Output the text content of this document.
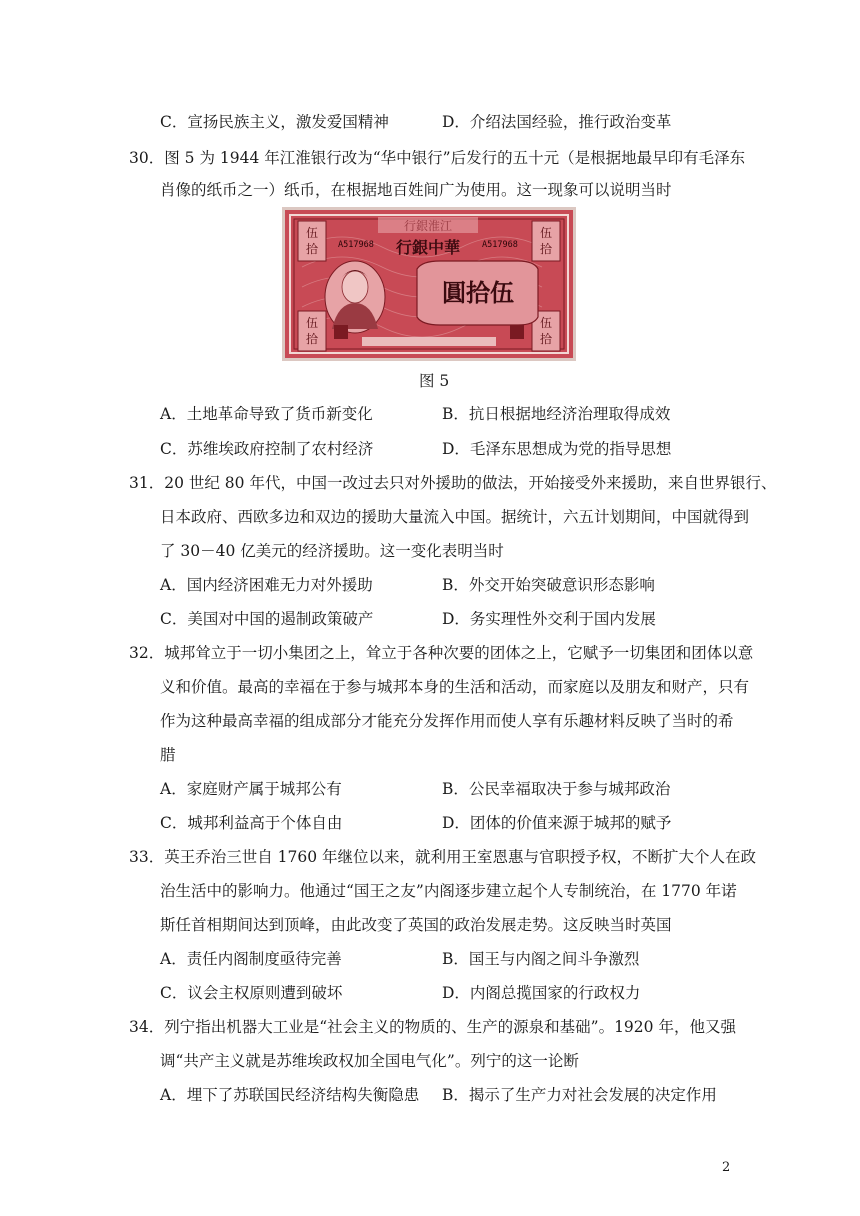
C．宣扬民族主义，激发爱国精神	D．介绍法国经验，推行政治变革
30．图 5 为 1944 年江淮银行改为“华中银行”后发行的五十元（是根据地最早印有毛泽东
肖像的纸币之一）纸币，在根据地百姓间广为使用。这一现象可以说明当时
伍
拾
伍
拾
伍
拾
伍
拾
行銀淮江
行銀中華
A517968	A517968
圓拾伍
图 5
A．土地革命导致了货币新变化	B．抗日根据地经济治理取得成效
C．苏维埃政府控制了农村经济	D．毛泽东思想成为党的指导思想
31．20 世纪 80 年代，中国一改过去只对外援助的做法，开始接受外来援助，来自世界银行、
日本政府、西欧多边和双边的援助大量流入中国。据统计，六五计划期间，中国就得到
了 30－40 亿美元的经济援助。这一变化表明当时
A．国内经济困难无力对外援助	B．外交开始突破意识形态影响
C．美国对中国的遏制政策破产	D．务实理性外交利于国内发展
32．城邦耸立于一切小集团之上，耸立于各种次要的团体之上，它赋予一切集团和团体以意
义和价值。最高的幸福在于参与城邦本身的生活和活动，而家庭以及朋友和财产，只有
作为这种最高幸福的组成部分才能充分发挥作用而使人享有乐趣材料反映了当时的希
腊
A．家庭财产属于城邦公有	B．公民幸福取决于参与城邦政治
C．城邦利益高于个体自由	D．团体的价值来源于城邦的赋予
33．英王乔治三世自 1760 年继位以来，就利用王室恩惠与官职授予权，不断扩大个人在政
治生活中的影响力。他通过“国王之友”内阁逐步建立起个人专制统治，在 1770 年诺
斯任首相期间达到顶峰，由此改变了英国的政治发展走势。这反映当时英国
A．责任内阁制度亟待完善	B．国王与内阁之间斗争激烈
C．议会主权原则遭到破坏	D．内阁总揽国家的行政权力
34．列宁指出机器大工业是“社会主义的物质的、生产的源泉和基础”。1920 年，他又强
调“共产主义就是苏维埃政权加全国电气化”。列宁的这一论断
A．埋下了苏联国民经济结构失衡隐患 B．揭示了生产力对社会发展的决定作用
2
